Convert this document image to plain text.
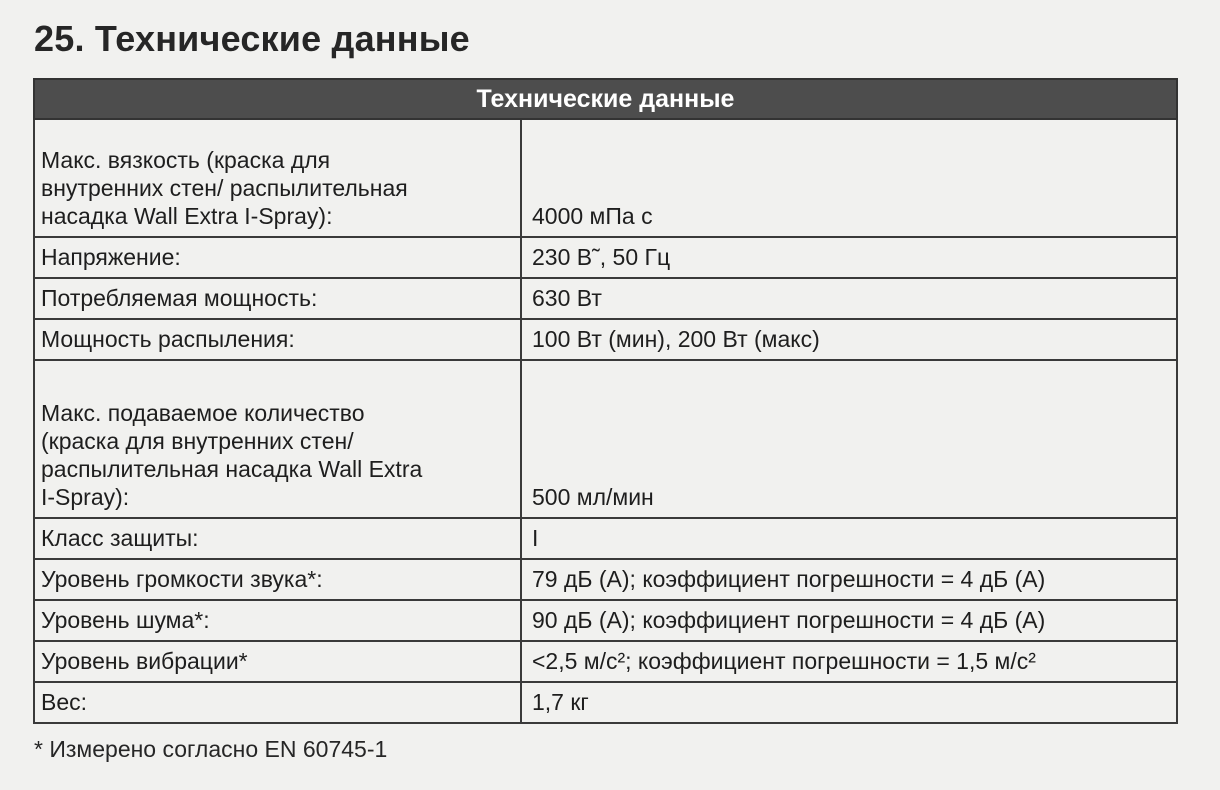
25. Технические данные
Технические данные	
Макс. вязкость (краска для
внутренних стен/ распылительная
насадка Wall Extra I-Spray):	4000 мПа с
Напряжение:	230 В˜, 50 Гц
Потребляемая мощность:	630 Вт
Мощность распыления:	100 Вт (мин), 200 Вт (макс)
Макс. подаваемое количество
(краска для внутренних стен/
распылительная насадка Wall Extra
I-Spray):	500 мл/мин
Класс защиты:	I
Уровень громкости звука*:	79 дБ (А); коэффициент погрешности = 4 дБ (А)
Уровень шума*:	90 дБ (А); коэффициент погрешности = 4 дБ (А)
Уровень вибрации*	<2,5 м/с²; коэффициент погрешности = 1,5 м/с²
Вес:	1,7 кг
* Измерено согласно EN 60745-1
